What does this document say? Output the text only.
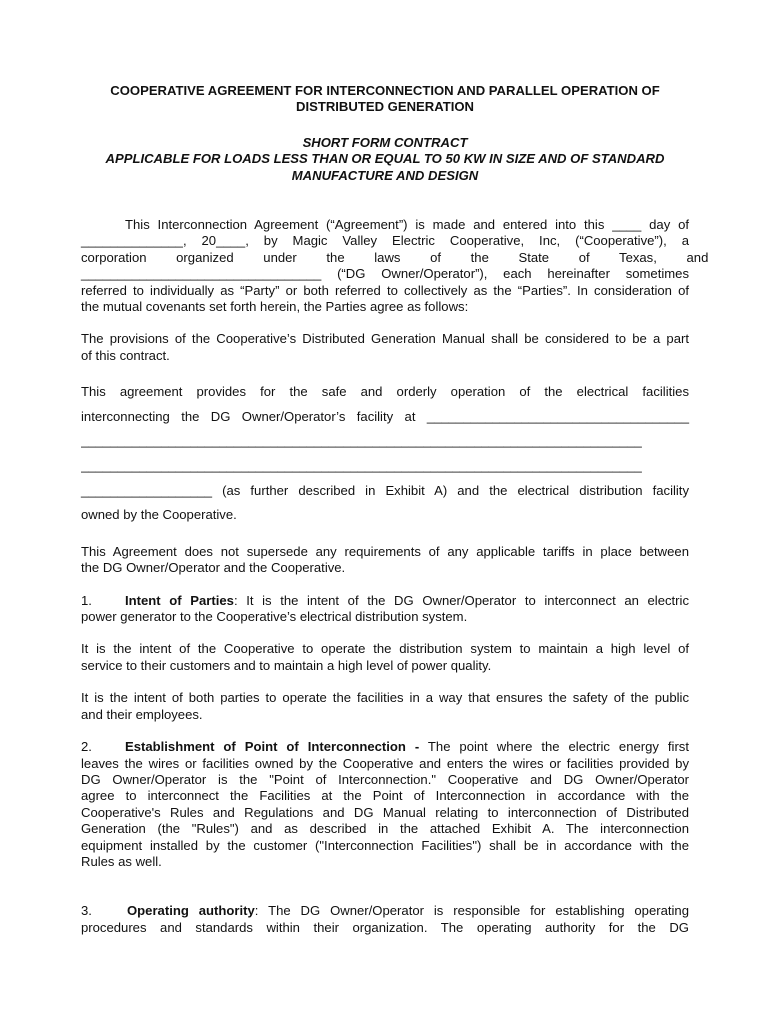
COOPERATIVE AGREEMENT FOR INTERCONNECTION AND PARALLEL OPERATION OF
DISTRIBUTED GENERATION
SHORT FORM CONTRACT
APPLICABLE FOR LOADS LESS THAN OR EQUAL TO 50 KW IN SIZE AND OF STANDARD
MANUFACTURE AND DESIGN
This Interconnection Agreement (“Agreement”) is made and entered into this ____ day of
______________, 20____, by Magic Valley Electric Cooperative, Inc, (“Cooperative”), a
corporation organized under the laws of the State of Texas, and
_________________________________ (“DG Owner/Operator”), each hereinafter sometimes
referred to individually as “Party” or both referred to collectively as the “Parties”. In consideration of
the mutual covenants set forth herein, the Parties agree as follows:
The provisions of the Cooperative’s Distributed Generation Manual shall be considered to be a part
of this contract.
This agreement provides for the safe and orderly operation of the electrical facilities
interconnecting the DG Owner/Operator’s facility at ____________________________________
_____________________________________________________________________________
_____________________________________________________________________________
__________________ (as further described in Exhibit A) and the electrical distribution facility
owned by the Cooperative.
This Agreement does not supersede any requirements of any applicable tariffs in place between
the DG Owner/Operator and the Cooperative.
1.	Intent of Parties: It is the intent of the DG Owner/Operator to interconnect an electric
power generator to the Cooperative’s electrical distribution system.
It is the intent of the Cooperative to operate the distribution system to maintain a high level of
service to their customers and to maintain a high level of power quality.
It is the intent of both parties to operate the facilities in a way that ensures the safety of the public
and their employees.
2.	Establishment of Point of Interconnection - The point where the electric energy first
leaves the wires or facilities owned by the Cooperative and enters the wires or facilities provided by
DG Owner/Operator is the "Point of Interconnection." Cooperative and DG Owner/Operator
agree to interconnect the Facilities at the Point of Interconnection in accordance with the
Cooperative's Rules and Regulations and DG Manual relating to interconnection of Distributed
Generation (the "Rules") and as described in the attached Exhibit A. The interconnection
equipment installed by the customer ("Interconnection Facilities") shall be in accordance with the
Rules as well.
3.	Operating authority: The DG Owner/Operator is responsible for establishing operating
procedures and standards within their organization. The operating authority for the DG
